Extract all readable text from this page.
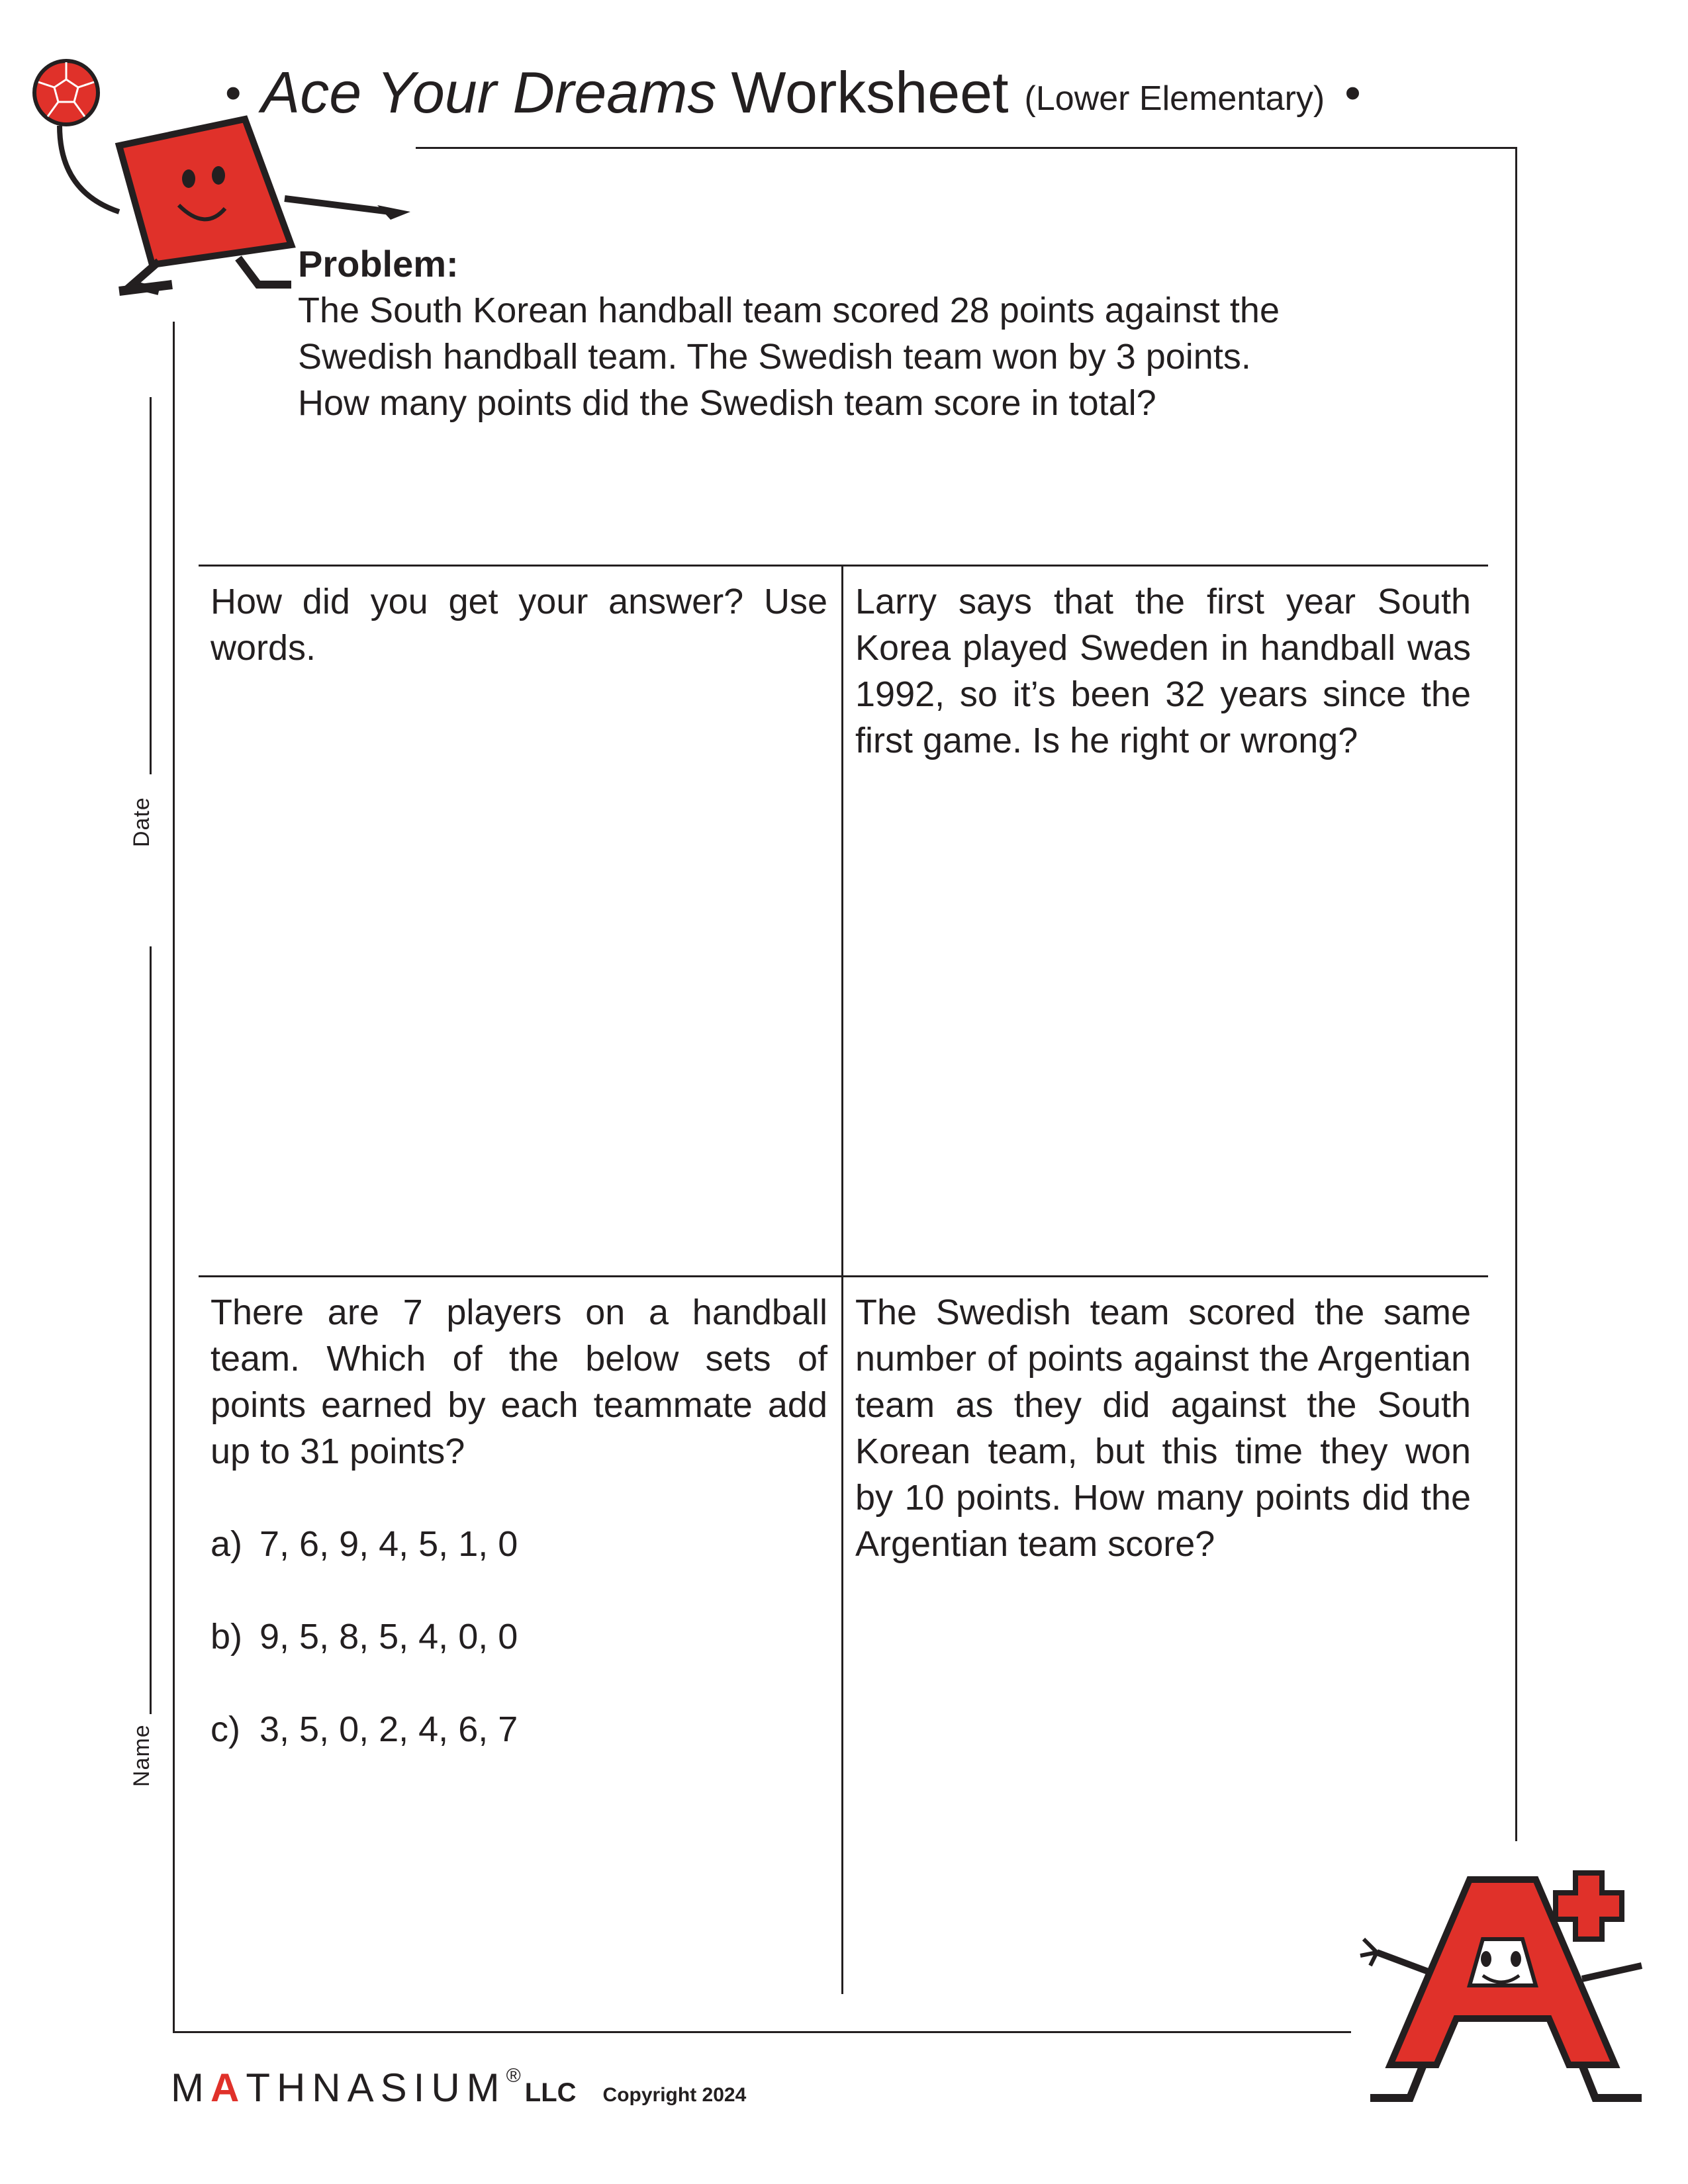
• Ace Your Dreams Worksheet (Lower Elementary) •
Date
Name
Problem:
The South Korean handball team scored 28 points against the
Swedish handball team. The Swedish team won by 3 points.
How many points did the Swedish team score in total?
How did you get your answer? Use words.
Larry says that the first year South Korea played Sweden in handball was 1992, so it’s been 32 years since the first game. Is he right or wrong?
There are 7 players on a handball team. Which of the below sets of points earned by each teammate add up to 31 points?
a) 7, 6, 9, 4, 5, 1, 0
b) 9, 5, 8, 5, 4, 0, 0
c) 3, 5, 0, 2, 4, 6, 7
The Swedish team scored the same number of points against the Argentian team as they did against the South Korean team, but this time they won by 10 points. How many points did the Argentian team score?
MATHNASIUM®
LLC Copyright 2024
